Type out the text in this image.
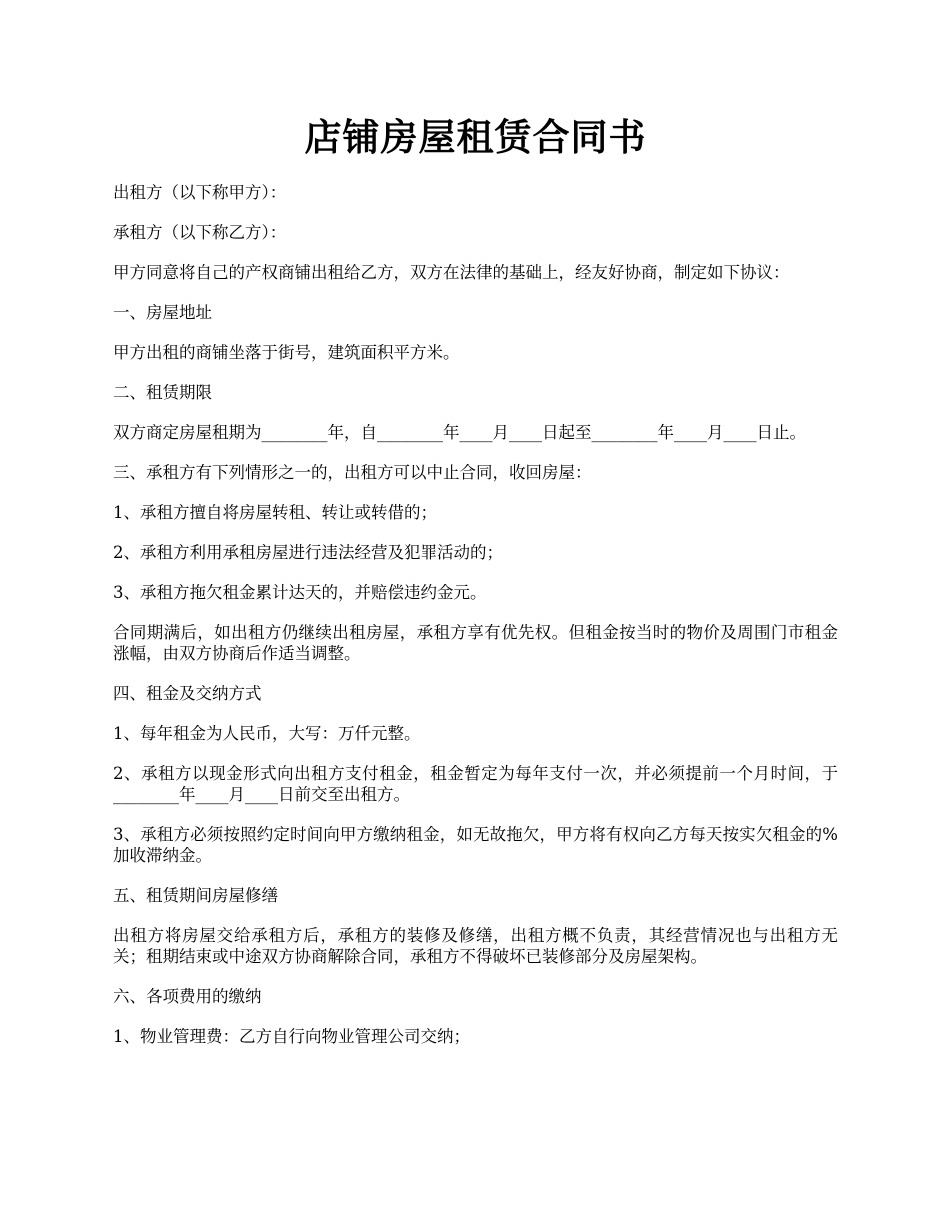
店铺房屋租赁合同书

出租方（以下称甲方）：

承租方（以下称乙方）：

甲方同意将自己的产权商铺出租给乙方，双方在法律的基础上，经友好协商，制定如下协议：

一、房屋地址

甲方出租的商铺坐落于街号，建筑面积平方米。

二、租赁期限

双方商定房屋租期为________年，自________年____月____日起至________年____月____日止。

三、承租方有下列情形之一的，出租方可以中止合同，收回房屋：

1、承租方擅自将房屋转租、转让或转借的；

2、承租方利用承租房屋进行违法经营及犯罪活动的；

3、承租方拖欠租金累计达天的，并赔偿违约金元。

合同期满后，如出租方仍继续出租房屋，承租方享有优先权。但租金按当时的物价及周围门市租金涨幅，由双方协商后作适当调整。

四、租金及交纳方式

1、每年租金为人民币，大写：万仟元整。

2、承租方以现金形式向出租方支付租金，租金暂定为每年支付一次，并必须提前一个月时间，于________年____月____日前交至出租方。

3、承租方必须按照约定时间向甲方缴纳租金，如无故拖欠，甲方将有权向乙方每天按实欠租金的%加收滞纳金。

五、租赁期间房屋修缮

出租方将房屋交给承租方后，承租方的装修及修缮，出租方概不负责，其经营情况也与出租方无关；租期结束或中途双方协商解除合同，承租方不得破坏已装修部分及房屋架构。

六、各项费用的缴纳

1、物业管理费：乙方自行向物业管理公司交纳；
